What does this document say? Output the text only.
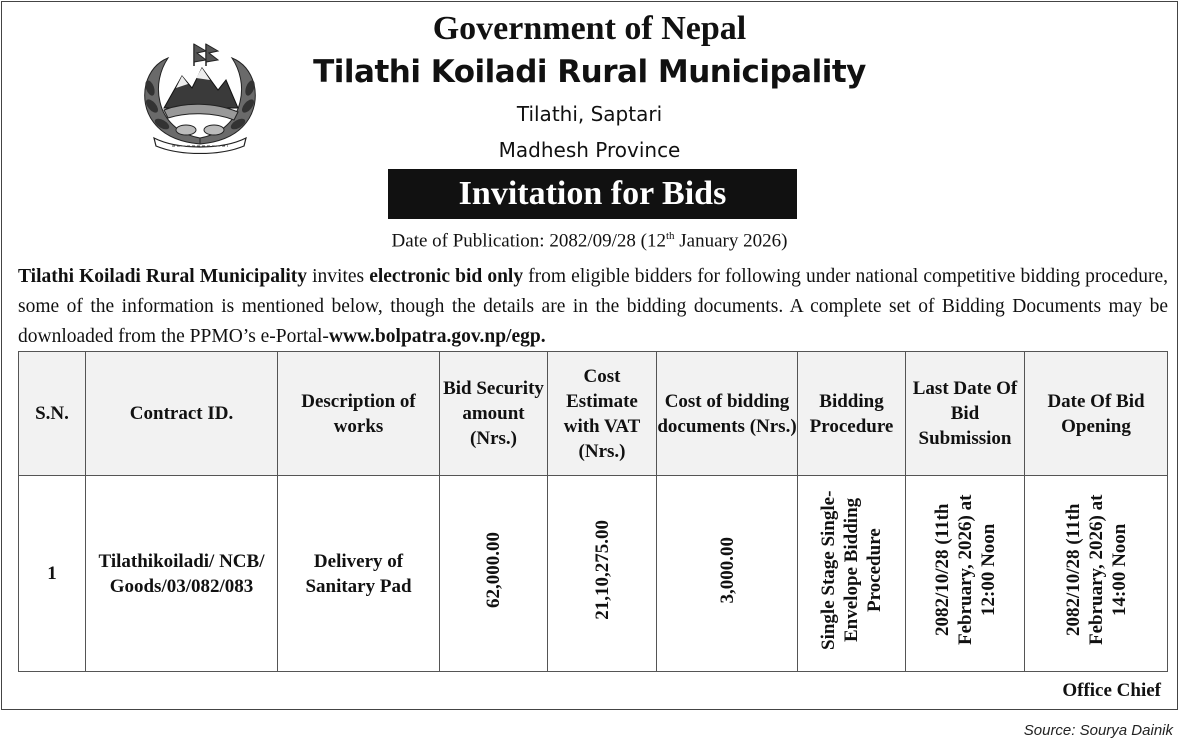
Government of Nepal
Tilathi Koiladi Rural Municipality
Tilathi, Saptari
Madhesh Province
Invitation for Bids
Date of Publication: 2082/09/28 (12th January 2026)

Tilathi Koiladi Rural Municipality invites electronic bid only from eligible bidders for following under national competitive bidding procedure, some of the information is mentioned below, though the details are in the bidding documents. A complete set of Bidding Documents may be downloaded from the PPMO’s e-Portal-www.bolpatra.gov.np/egp.

S.N.	Contract ID.	Description of works	Bid Security amount (Nrs.)	Cost Estimate with VAT (Nrs.)	Cost of bidding documents (Nrs.)	Bidding Procedure	Last Date Of Bid Submission	Date Of Bid Opening
1	Tilathikoiladi/ NCB/ Goods/03/082/083	Delivery of Sanitary Pad	62,000.00	21,10,275.00	3,000.00	Single Stage Single-Envelope Bidding Procedure	2082/10/28 (11th February, 2026) at 12:00 Noon	2082/10/28 (11th February, 2026) at 14:00 Noon
Office Chief
Source: Sourya Dainik
